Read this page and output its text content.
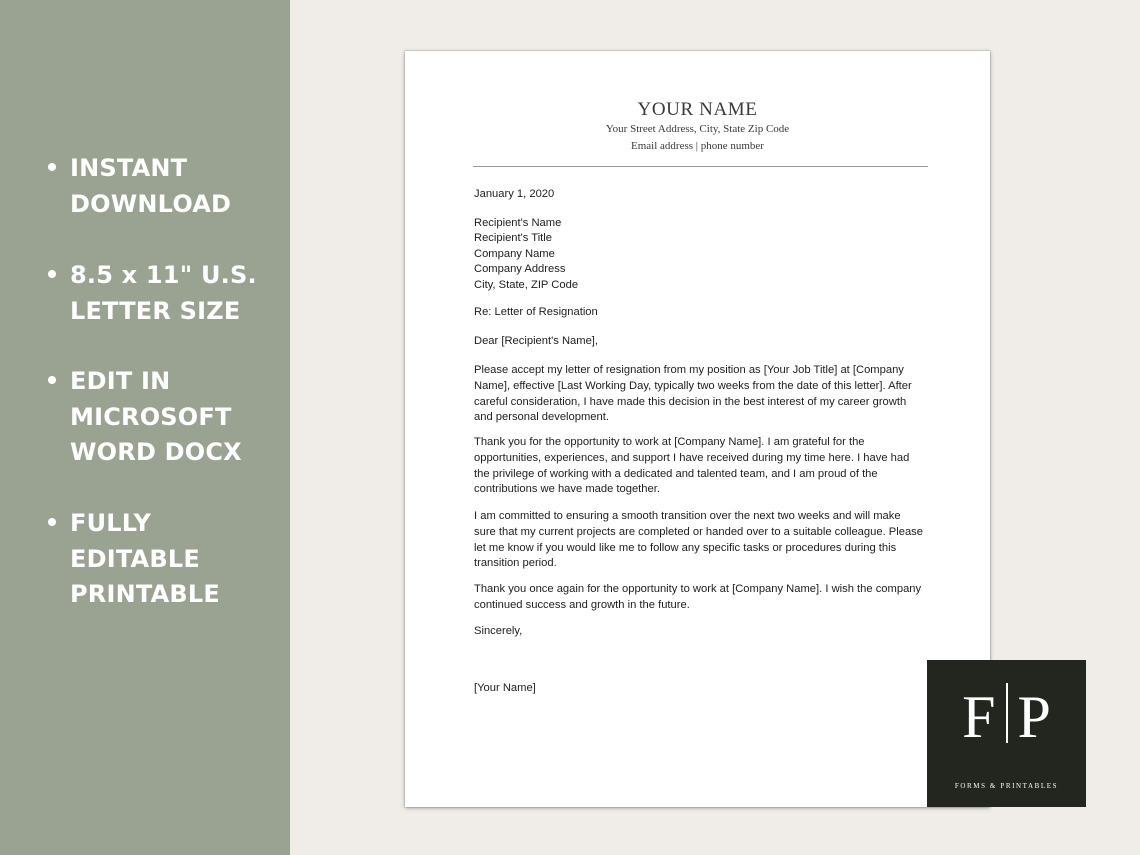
INSTANT
DOWNLOAD
8.5 x 11" U.S.
LETTER SIZE
EDIT IN
MICROSOFT
WORD DOCX
FULLY
EDITABLE
PRINTABLE
YOUR NAME
Your Street Address, City, State Zip Code
Email address | phone number
January 1, 2020
Recipient's Name
Recipient's Title
Company Name
Company Address
City, State, ZIP Code
Re: Letter of Resignation
Dear [Recipient's Name],

Please accept my letter of resignation from my position as [Your Job Title] at [Company Name], effective [Last Working Day, typically two weeks from the date of this letter]. After careful consideration, I have made this decision in the best interest of my career growth and personal development.

Thank you for the opportunity to work at [Company Name]. I am grateful for the opportunities, experiences, and support I have received during my time here. I have had the privilege of working with a dedicated and talented team, and I am proud of the contributions we have made together.

I am committed to ensuring a smooth transition over the next two weeks and will make sure that my current projects are completed or handed over to a suitable colleague. Please let me know if you would like me to follow any specific tasks or procedures during this transition period.

Thank you once again for the opportunity to work at [Company Name]. I wish the company continued success and growth in the future.

Sincerely,
[Your Name]	F P
FORMS & PRINTABLES
